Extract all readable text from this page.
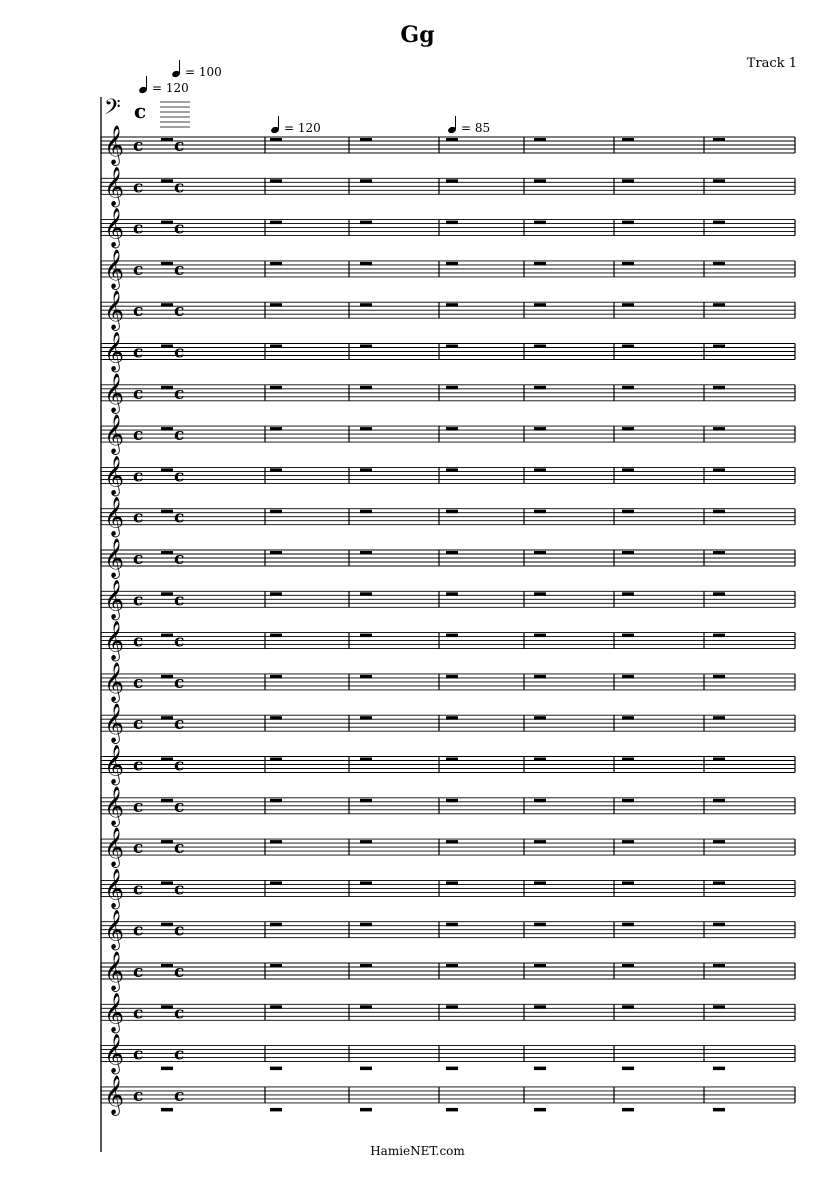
Gg
Track 1
HamieNET.com
𝄢 c
= 120
= 100
= 120	= 85
𝄞 c c
𝄞 c c
𝄞 c c
𝄞 c c
𝄞 c c
𝄞 c c
𝄞 c c
𝄞 c c
𝄞 c c
𝄞 c c
𝄞 c c
𝄞 c c
𝄞 c c
𝄞 c c
𝄞 c c
𝄞 c c
𝄞 c c
𝄞 c c
𝄞 c c
𝄞 c c
𝄞 c c
𝄞 c c
𝄞 c c
𝄞 c c
